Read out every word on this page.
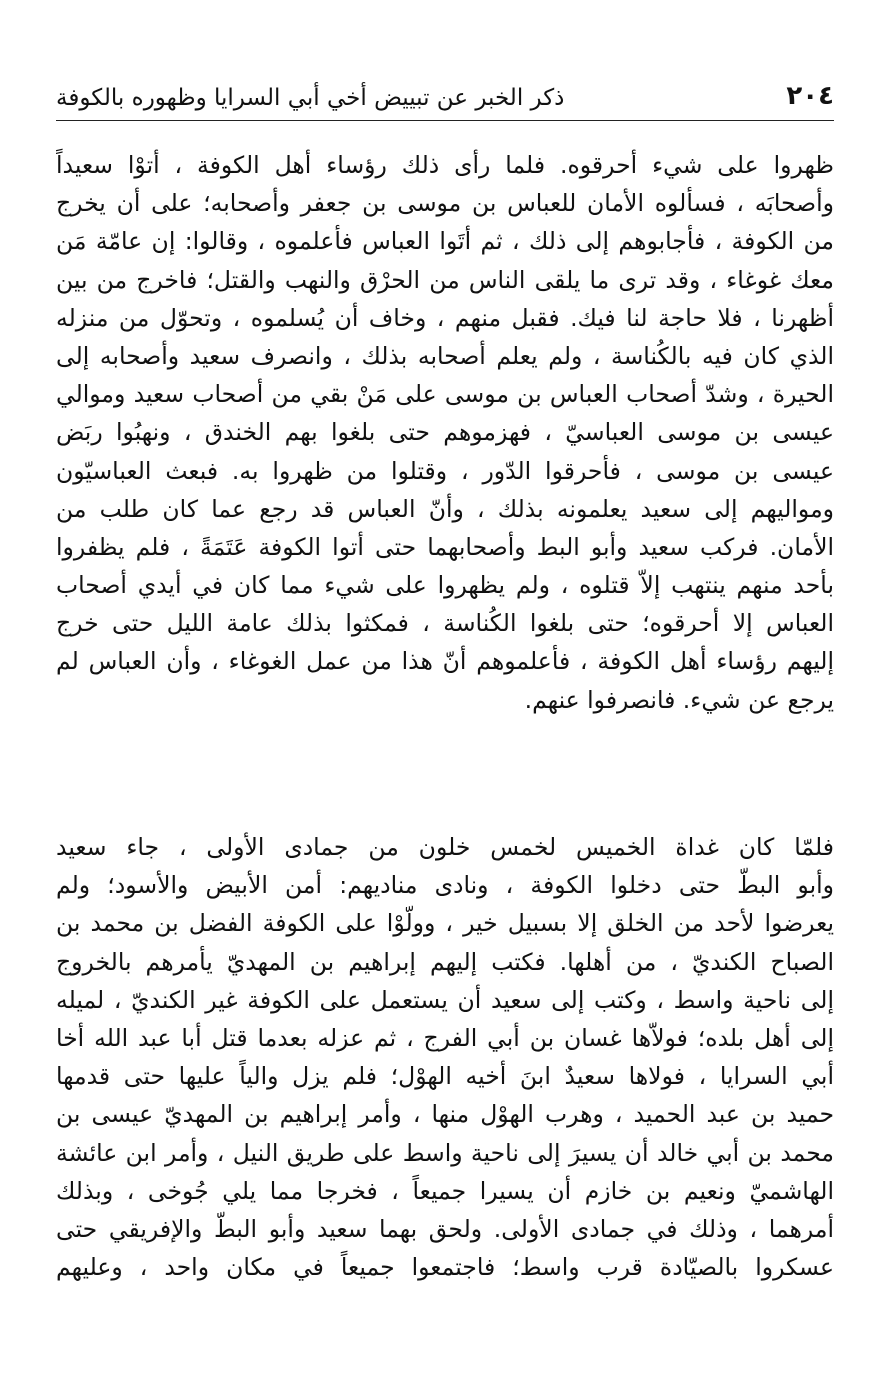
ذكر الخبر عن تبييض أخي أبي السرايا وظهوره بالكوفة	٢٠٤

ظهروا على شيء أحرقوه. فلما رأى ذلك رؤساء أهل الكوفة ، أتوْا سعيداً
وأصحابَه ، فسألوه الأمان للعباس بن موسى بن جعفر وأصحابه؛ على أن يخرج
من الكوفة ، فأجابوهم إلى ذلك ، ثم أتَوا العباس فأعلموه ، وقالوا: إن عامّة مَن
معك غوغاء ، وقد ترى ما يلقى الناس من الحرْق والنهب والقتل؛ فاخرج من بين
أظهرنا ، فلا حاجة لنا فيك. فقبل منهم ، وخاف أن يُسلموه ، وتحوّل من منزله
الذي كان فيه بالكُناسة ، ولم يعلم أصحابه بذلك ، وانصرف سعيد وأصحابه إلى
الحيرة ، وشدّ أصحاب العباس بن موسى على مَنْ بقي من أصحاب سعيد وموالي
عيسى بن موسى العباسيّ ، فهزموهم حتى بلغوا بهم الخندق ، ونهبُوا ربَض
عيسى بن موسى ، فأحرقوا الدّور ، وقتلوا من ظهروا به. فبعث العباسيّون
ومواليهم إلى سعيد يعلمونه بذلك ، وأنّ العباس قد رجع عما كان طلب من
الأمان. فركب سعيد وأبو البط وأصحابهما حتى أتوا الكوفة عَتَمَةً ، فلم يظفروا
بأحد منهم ينتهب إلاّ قتلوه ، ولم يظهروا على شيء مما كان في أيدي أصحاب
العباس إلا أحرقوه؛ حتى بلغوا الكُناسة ، فمكثوا بذلك عامة الليل حتى خرج
إليهم رؤساء أهل الكوفة ، فأعلموهم أنّ هذا من عمل الغوغاء ، وأن العباس لم
يرجع عن شيء. فانصرفوا عنهم.

فلمّا كان غداة الخميس لخمس خلون من جمادى الأولى ، جاء سعيد
وأبو البطّ حتى دخلوا الكوفة ، ونادى مناديهم: أمن الأبيض والأسود؛ ولم
يعرضوا لأحد من الخلق إلا بسبيل خير ، وولّوْا على الكوفة الفضل بن محمد بن
الصباح الكنديّ ، من أهلها. فكتب إليهم إبراهيم بن المهديّ يأمرهم بالخروج
إلى ناحية واسط ، وكتب إلى سعيد أن يستعمل على الكوفة غير الكنديّ ، لميله
إلى أهل بلده؛ فولاّها غسان بن أبي الفرج ، ثم عزله بعدما قتل أبا عبد الله أخا
أبي السرايا ، فولاها سعيدٌ ابنَ أخيه الهوْل؛ فلم يزل والياً عليها حتى قدمها
حميد بن عبد الحميد ، وهرب الهوْل منها ، وأمر إبراهيم بن المهديّ عيسى بن
محمد بن أبي خالد أن يسيرَ إلى ناحية واسط على طريق النيل ، وأمر ابن عائشة
الهاشميّ ونعيم بن خازم أن يسيرا جميعاً ، فخرجا مما يلي جُوخى ، وبذلك
أمرهما ، وذلك في جمادى الأولى. ولحق بهما سعيد وأبو البطّ والإفريقي حتى
عسكروا بالصيّادة قرب واسط؛ فاجتمعوا جميعاً في مكان واحد ، وعليهم
